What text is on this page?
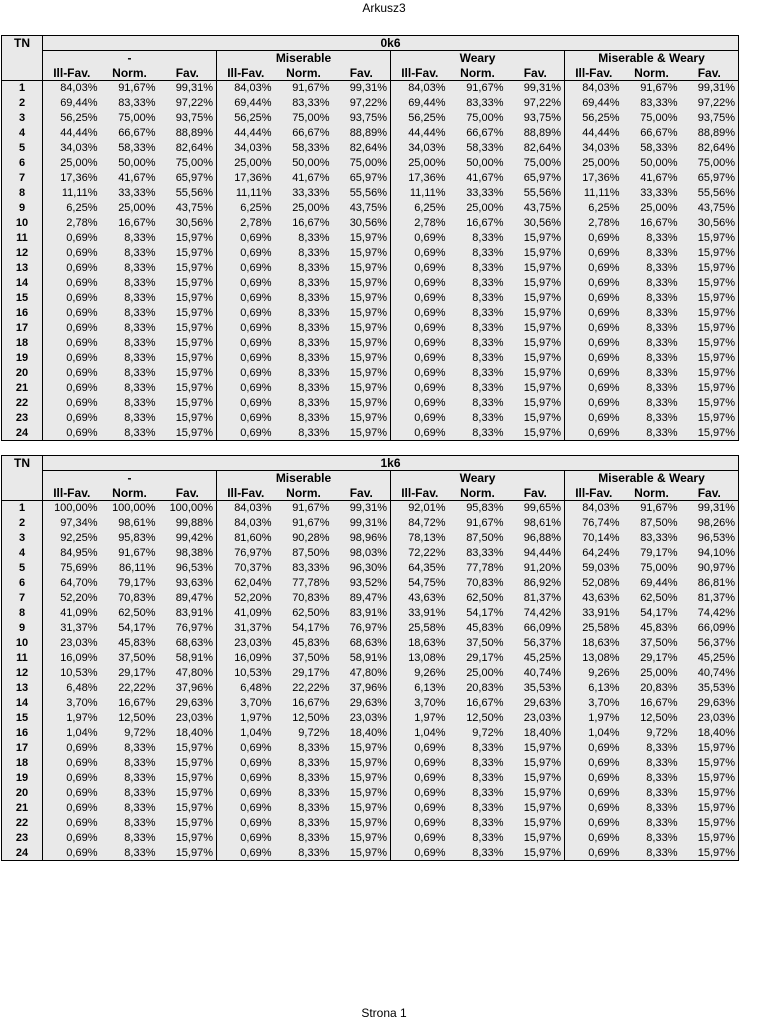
Arkusz3
TN	0k6											
	-			Miserable			Weary			Miserable & Weary		
	Ill-Fav.	Norm.	Fav.	Ill-Fav.	Norm.	Fav.	Ill-Fav.	Norm.	Fav.	Ill-Fav.	Norm.	Fav.
1	84,03%	91,67%	99,31%	84,03%	91,67%	99,31%	84,03%	91,67%	99,31%	84,03%	91,67%	99,31%
2	69,44%	83,33%	97,22%	69,44%	83,33%	97,22%	69,44%	83,33%	97,22%	69,44%	83,33%	97,22%
3	56,25%	75,00%	93,75%	56,25%	75,00%	93,75%	56,25%	75,00%	93,75%	56,25%	75,00%	93,75%
4	44,44%	66,67%	88,89%	44,44%	66,67%	88,89%	44,44%	66,67%	88,89%	44,44%	66,67%	88,89%
5	34,03%	58,33%	82,64%	34,03%	58,33%	82,64%	34,03%	58,33%	82,64%	34,03%	58,33%	82,64%
6	25,00%	50,00%	75,00%	25,00%	50,00%	75,00%	25,00%	50,00%	75,00%	25,00%	50,00%	75,00%
7	17,36%	41,67%	65,97%	17,36%	41,67%	65,97%	17,36%	41,67%	65,97%	17,36%	41,67%	65,97%
8	11,11%	33,33%	55,56%	11,11%	33,33%	55,56%	11,11%	33,33%	55,56%	11,11%	33,33%	55,56%
9	6,25%	25,00%	43,75%	6,25%	25,00%	43,75%	6,25%	25,00%	43,75%	6,25%	25,00%	43,75%
10	2,78%	16,67%	30,56%	2,78%	16,67%	30,56%	2,78%	16,67%	30,56%	2,78%	16,67%	30,56%
11	0,69%	8,33%	15,97%	0,69%	8,33%	15,97%	0,69%	8,33%	15,97%	0,69%	8,33%	15,97%
12	0,69%	8,33%	15,97%	0,69%	8,33%	15,97%	0,69%	8,33%	15,97%	0,69%	8,33%	15,97%
13	0,69%	8,33%	15,97%	0,69%	8,33%	15,97%	0,69%	8,33%	15,97%	0,69%	8,33%	15,97%
14	0,69%	8,33%	15,97%	0,69%	8,33%	15,97%	0,69%	8,33%	15,97%	0,69%	8,33%	15,97%
15	0,69%	8,33%	15,97%	0,69%	8,33%	15,97%	0,69%	8,33%	15,97%	0,69%	8,33%	15,97%
16	0,69%	8,33%	15,97%	0,69%	8,33%	15,97%	0,69%	8,33%	15,97%	0,69%	8,33%	15,97%
17	0,69%	8,33%	15,97%	0,69%	8,33%	15,97%	0,69%	8,33%	15,97%	0,69%	8,33%	15,97%
18	0,69%	8,33%	15,97%	0,69%	8,33%	15,97%	0,69%	8,33%	15,97%	0,69%	8,33%	15,97%
19	0,69%	8,33%	15,97%	0,69%	8,33%	15,97%	0,69%	8,33%	15,97%	0,69%	8,33%	15,97%
20	0,69%	8,33%	15,97%	0,69%	8,33%	15,97%	0,69%	8,33%	15,97%	0,69%	8,33%	15,97%
21	0,69%	8,33%	15,97%	0,69%	8,33%	15,97%	0,69%	8,33%	15,97%	0,69%	8,33%	15,97%
22	0,69%	8,33%	15,97%	0,69%	8,33%	15,97%	0,69%	8,33%	15,97%	0,69%	8,33%	15,97%
23	0,69%	8,33%	15,97%	0,69%	8,33%	15,97%	0,69%	8,33%	15,97%	0,69%	8,33%	15,97%
24	0,69%	8,33%	15,97%	0,69%	8,33%	15,97%	0,69%	8,33%	15,97%	0,69%	8,33%	15,97%
TN	1k6											
	-			Miserable			Weary			Miserable & Weary		
	Ill-Fav.	Norm.	Fav.	Ill-Fav.	Norm.	Fav.	Ill-Fav.	Norm.	Fav.	Ill-Fav.	Norm.	Fav.
1	100,00%	100,00%	100,00%	84,03%	91,67%	99,31%	92,01%	95,83%	99,65%	84,03%	91,67%	99,31%
2	97,34%	98,61%	99,88%	84,03%	91,67%	99,31%	84,72%	91,67%	98,61%	76,74%	87,50%	98,26%
3	92,25%	95,83%	99,42%	81,60%	90,28%	98,96%	78,13%	87,50%	96,88%	70,14%	83,33%	96,53%
4	84,95%	91,67%	98,38%	76,97%	87,50%	98,03%	72,22%	83,33%	94,44%	64,24%	79,17%	94,10%
5	75,69%	86,11%	96,53%	70,37%	83,33%	96,30%	64,35%	77,78%	91,20%	59,03%	75,00%	90,97%
6	64,70%	79,17%	93,63%	62,04%	77,78%	93,52%	54,75%	70,83%	86,92%	52,08%	69,44%	86,81%
7	52,20%	70,83%	89,47%	52,20%	70,83%	89,47%	43,63%	62,50%	81,37%	43,63%	62,50%	81,37%
8	41,09%	62,50%	83,91%	41,09%	62,50%	83,91%	33,91%	54,17%	74,42%	33,91%	54,17%	74,42%
9	31,37%	54,17%	76,97%	31,37%	54,17%	76,97%	25,58%	45,83%	66,09%	25,58%	45,83%	66,09%
10	23,03%	45,83%	68,63%	23,03%	45,83%	68,63%	18,63%	37,50%	56,37%	18,63%	37,50%	56,37%
11	16,09%	37,50%	58,91%	16,09%	37,50%	58,91%	13,08%	29,17%	45,25%	13,08%	29,17%	45,25%
12	10,53%	29,17%	47,80%	10,53%	29,17%	47,80%	9,26%	25,00%	40,74%	9,26%	25,00%	40,74%
13	6,48%	22,22%	37,96%	6,48%	22,22%	37,96%	6,13%	20,83%	35,53%	6,13%	20,83%	35,53%
14	3,70%	16,67%	29,63%	3,70%	16,67%	29,63%	3,70%	16,67%	29,63%	3,70%	16,67%	29,63%
15	1,97%	12,50%	23,03%	1,97%	12,50%	23,03%	1,97%	12,50%	23,03%	1,97%	12,50%	23,03%
16	1,04%	9,72%	18,40%	1,04%	9,72%	18,40%	1,04%	9,72%	18,40%	1,04%	9,72%	18,40%
17	0,69%	8,33%	15,97%	0,69%	8,33%	15,97%	0,69%	8,33%	15,97%	0,69%	8,33%	15,97%
18	0,69%	8,33%	15,97%	0,69%	8,33%	15,97%	0,69%	8,33%	15,97%	0,69%	8,33%	15,97%
19	0,69%	8,33%	15,97%	0,69%	8,33%	15,97%	0,69%	8,33%	15,97%	0,69%	8,33%	15,97%
20	0,69%	8,33%	15,97%	0,69%	8,33%	15,97%	0,69%	8,33%	15,97%	0,69%	8,33%	15,97%
21	0,69%	8,33%	15,97%	0,69%	8,33%	15,97%	0,69%	8,33%	15,97%	0,69%	8,33%	15,97%
22	0,69%	8,33%	15,97%	0,69%	8,33%	15,97%	0,69%	8,33%	15,97%	0,69%	8,33%	15,97%
23	0,69%	8,33%	15,97%	0,69%	8,33%	15,97%	0,69%	8,33%	15,97%	0,69%	8,33%	15,97%
24	0,69%	8,33%	15,97%	0,69%	8,33%	15,97%	0,69%	8,33%	15,97%	0,69%	8,33%	15,97%
Strona 1
